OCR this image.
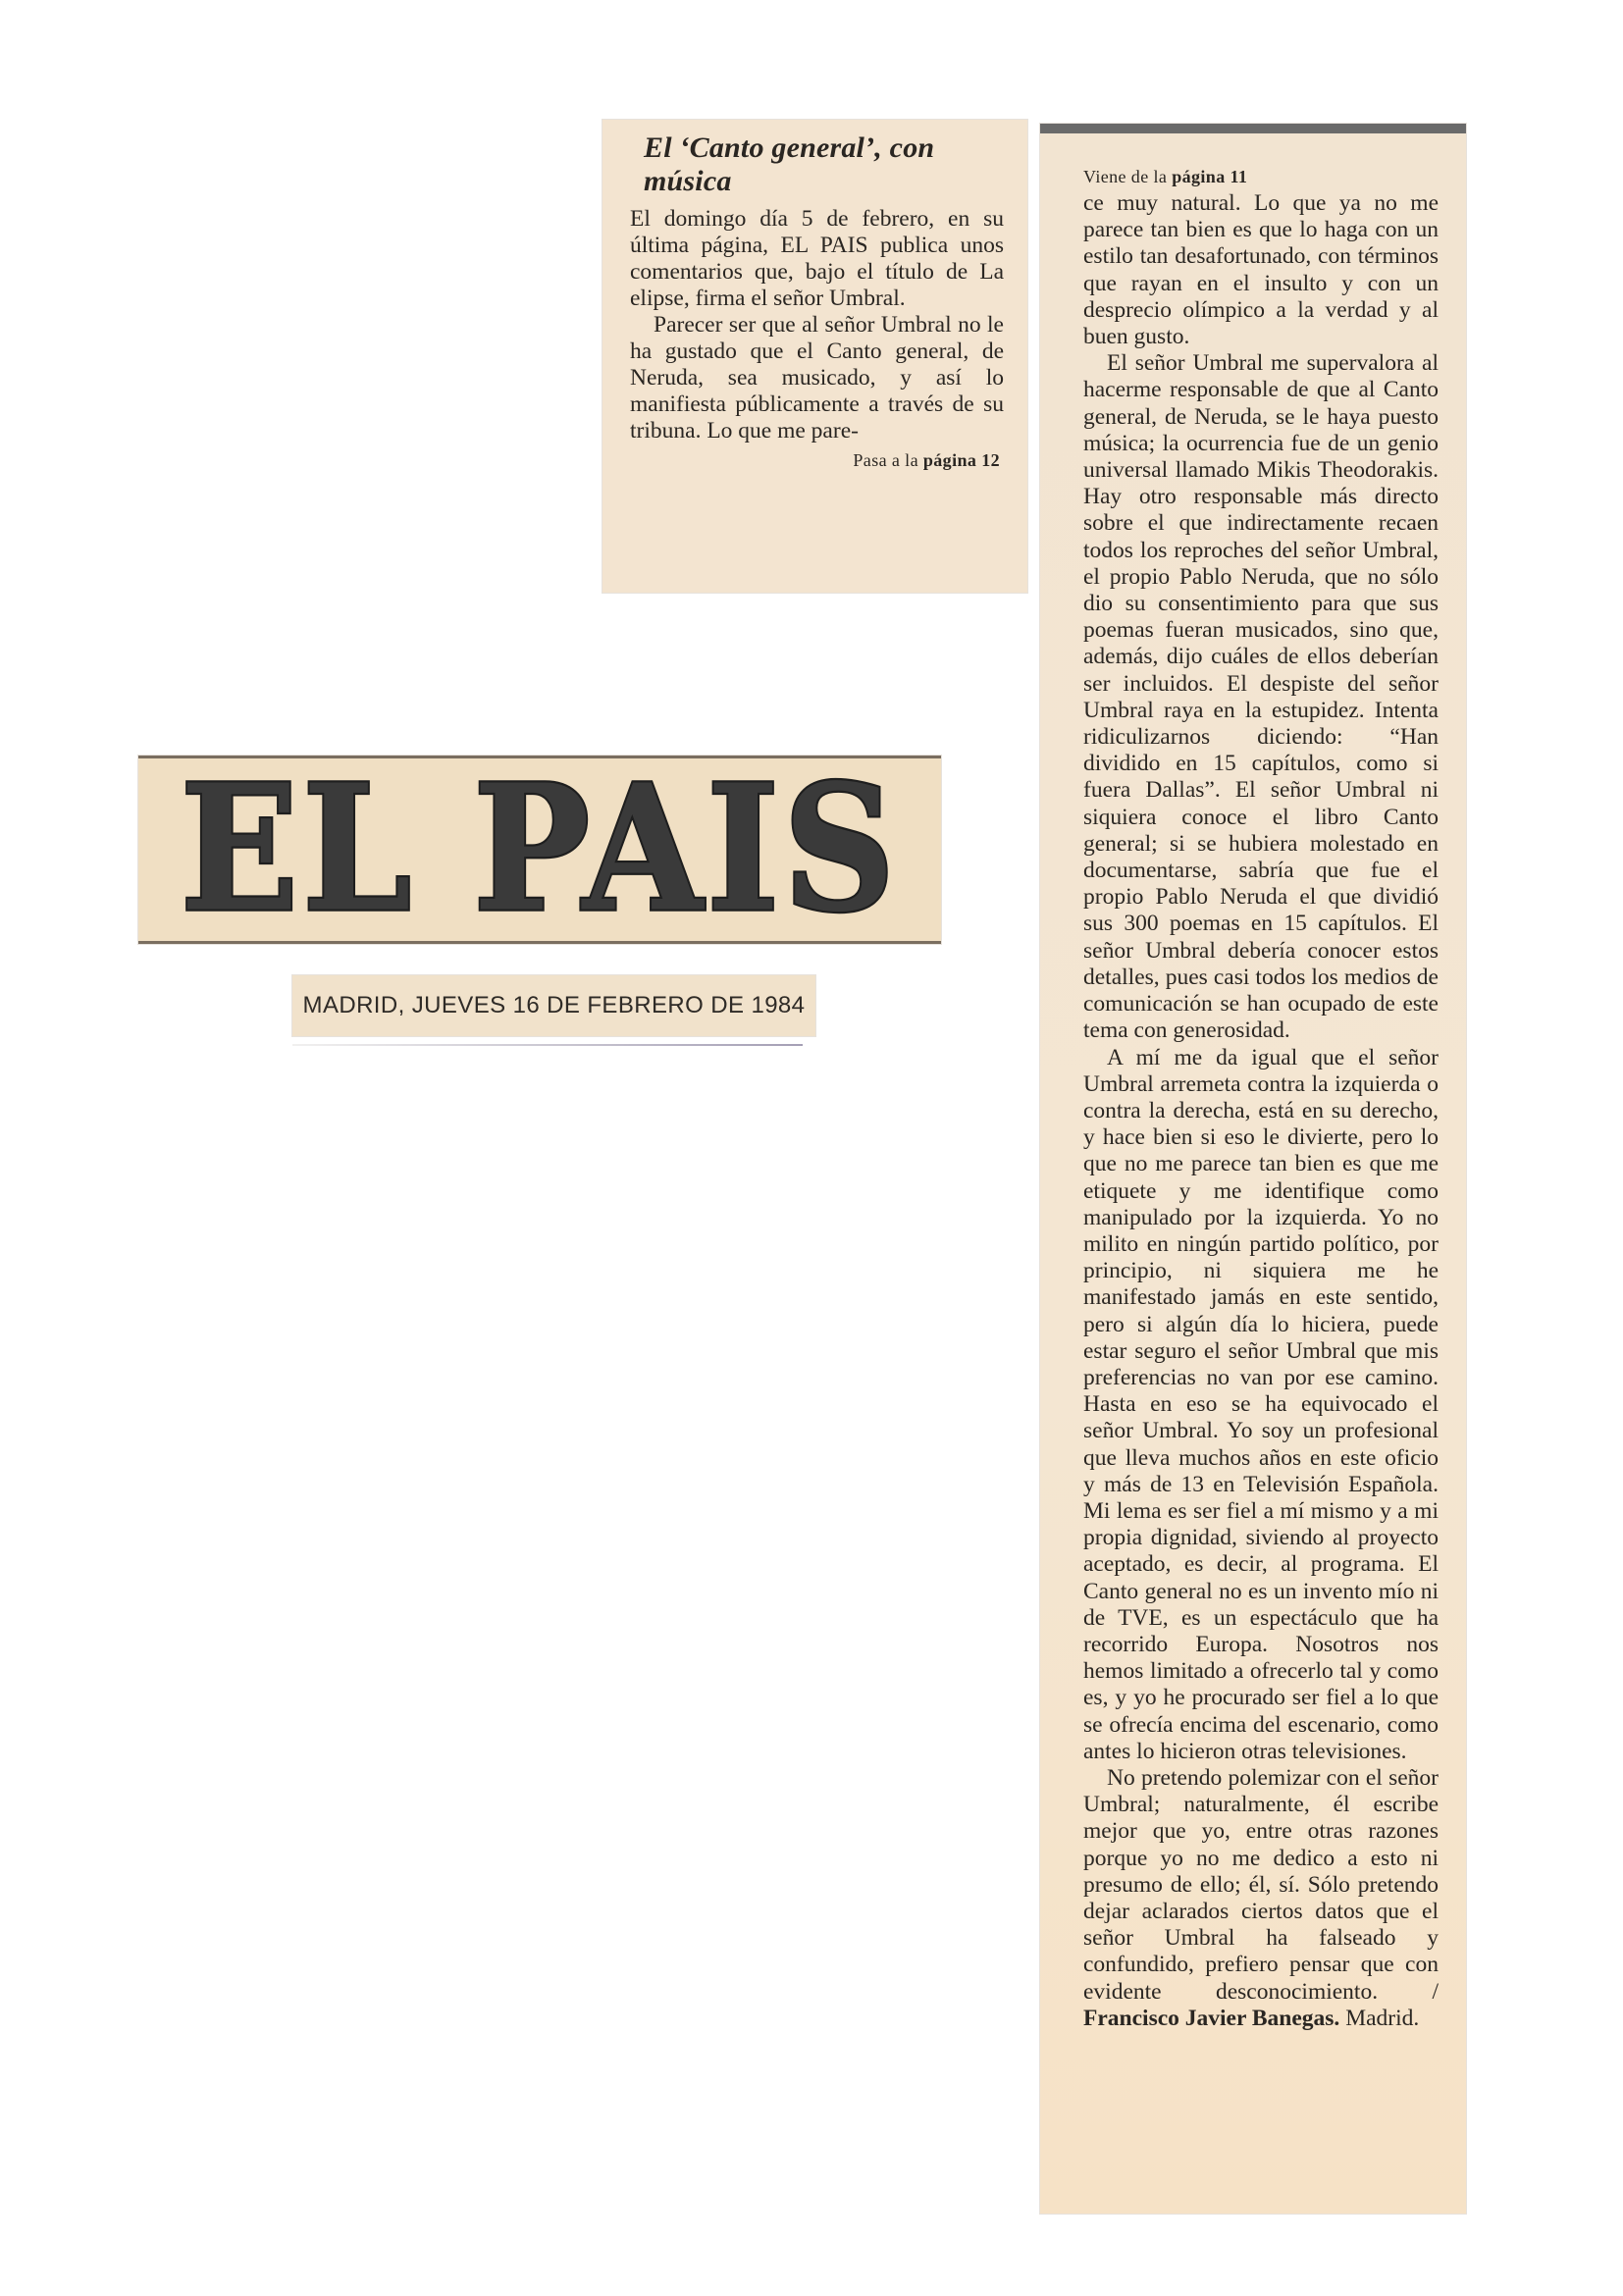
El ‘Canto general’, con música

El domingo día 5 de febrero, en su última página, EL PAIS publica unos comentarios que, bajo el título de La elipse, firma el señor Umbral.

Parecer ser que al señor Umbral no le ha gustado que el Canto general, de Neruda, sea musicado, y así lo manifiesta públicamente a través de su tribuna. Lo que me pare-

Pasa a la página 12
EL PAIS
MADRID, JUEVES 16 DE FEBRERO DE 1984
Viene de la página 11

ce muy natural. Lo que ya no me parece tan bien es que lo haga con un estilo tan desafortunado, con términos que rayan en el insulto y con un desprecio olímpico a la verdad y al buen gusto.

El señor Umbral me supervalora al hacerme responsable de que al Canto general, de Neruda, se le haya puesto música; la ocurrencia fue de un genio universal llamado Mikis Theodorakis. Hay otro responsable más directo sobre el que indirectamente recaen todos los reproches del señor Umbral, el propio Pablo Neruda, que no sólo dio su consentimiento para que sus poemas fueran musicados, sino que, además, dijo cuáles de ellos deberían ser incluidos. El despiste del señor Umbral raya en la estupidez. Intenta ridiculizarnos diciendo: “Han dividido en 15 capítulos, como si fuera Dallas”. El señor Umbral ni siquiera conoce el libro Canto general; si se hubiera molestado en documentarse, sabría que fue el propio Pablo Neruda el que dividió sus 300 poemas en 15 capítulos. El señor Umbral debería conocer estos detalles, pues casi todos los medios de comunicación se han ocupado de este tema con generosidad.

A mí me da igual que el señor Umbral arremeta contra la izquierda o contra la derecha, está en su derecho, y hace bien si eso le divierte, pero lo que no me parece tan bien es que me etiquete y me identifique como manipulado por la izquierda. Yo no milito en ningún partido político, por principio, ni siquiera me he manifestado jamás en este sentido, pero si algún día lo hiciera, puede estar seguro el señor Umbral que mis preferencias no van por ese camino. Hasta en eso se ha equivocado el señor Umbral. Yo soy un profesional que lleva muchos años en este oficio y más de 13 en Televisión Española. Mi lema es ser fiel a mí mismo y a mi propia dignidad, siviendo al proyecto aceptado, es decir, al programa. El Canto general no es un invento mío ni de TVE, es un espectáculo que ha recorrido Europa. Nosotros nos hemos limitado a ofrecerlo tal y como es, y yo he procurado ser fiel a lo que se ofrecía encima del escenario, como antes lo hicieron otras televisiones.

No pretendo polemizar con el señor Umbral; naturalmente, él escribe mejor que yo, entre otras razones porque yo no me dedico a esto ni presumo de ello; él, sí. Sólo pretendo dejar aclarados ciertos datos que el señor Umbral ha falseado y confundido, prefiero pensar que con evidente desconocimiento. / Francisco Javier Banegas. Madrid.
